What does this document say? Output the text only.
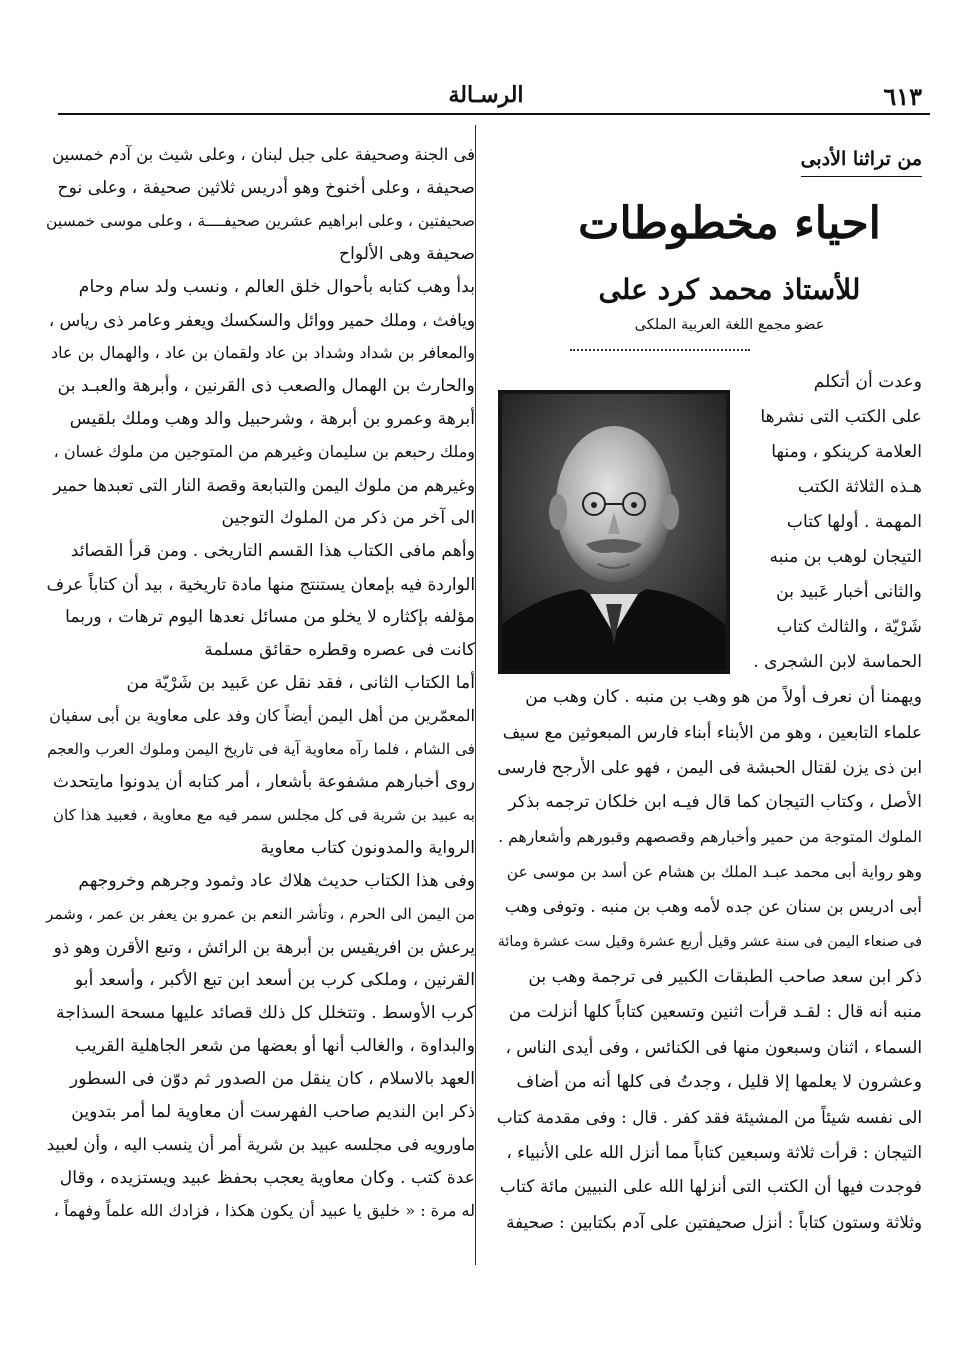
٦١٣
الرسـالة
من تراثنا الأدبى
احياء مخطوطات
للأستاذ محمد كرد على
عضو مجمع اللغة العربية الملكى
وعدت أن أتكلم
على الكتب التى نشرها
العلامة كرينكو ، ومنها
هـذه الثلاثة الكتب
المهمة . أولها كتاب
التيجان لوهب بن منبه
والثانى أخبار عَبيد بن
شَرْيّة ، والثالث كتاب
الحماسة لابن الشجرى .
ويهمنا أن نعرف أولاً من هو وهب بن منبه . كان وهب من
علماء التابعين ، وهو من الأبناء أبناء فارس المبعوثين مع سيف
ابن ذى يزن لقتال الحبشة فى اليمن ، فهو على الأرجح فارسى
الأصل ، وكتاب التيجان كما قال فيـه ابن خلكان ترجمه بذكر
الملوك المتوجة من حمير وأخبارهم وقصصهم وقبورهم وأشعارهم .
وهو رواية أبى محمد عبـد الملك بن هشام عن أسد بن موسى عن
أبى ادريس بن سنان عن جده لأمه وهب بن منبه . وتوفى وهب
فى صنعاء اليمن فى سنة عشر وقيل أربع عشرة وقيل ست عشرة ومائة
ذكر ابن سعد صاحب الطبقات الكبير فى ترجمة وهب بن
منبه أنه قال : لقـد قرأت اثنين وتسعين كتاباً كلها أنزلت من
السماء ، اثنان وسبعون منها فى الكنائس ، وفى أيدى الناس ،
وعشرون لا يعلمها إلا قليل ، وجدتُ فى كلها أنه من أضاف
الى نفسه شيئاً من المشيئة فقد كفر . قال : وفى مقدمة كتاب
التيجان : قرأت ثلاثة وسبعين كتاباً مما أنزل الله على الأنبياء ،
فوجدت فيها أن الكتب التى أنزلها الله على النبيين مائة كتاب
وثلاثة وستون كتاباً : أنزل صحيفتين على آدم بكتابين : صحيفة
فى الجنة وصحيفة على جبل لبنان ، وعلى شيث بن آدم خمسين
صحيفة ، وعلى أخنوخ وهو أدريس ثلاثين صحيفة ، وعلى نوح
صحيفتين ، وعلى ابراهيم عشرين صحيفــــة ، وعلى موسى خمسين
صحيفة وهى الألواح
بدأ وهب كتابه بأحوال خلق العالم ، ونسب ولد سام وحام
ويافث ، وملك حمير ووائل والسكسك ويعفر وعامر ذى رياس ،
والمعافر بن شداد وشداد بن عاد ولقمان بن عاد ، والهمال بن عاد
والحارث بن الهمال والصعب ذى القرنين ، وأبرهة والعبـد بن
أبرهة وعمرو بن أبرهة ، وشرحبيل والد وهب وملك بلقيس
وملك رحبعم بن سليمان وغيرهم من المتوجين من ملوك غسان ،
وغيرهم من ملوك اليمن والتبابعة وقصة النار التى تعبدها حمير
الى آخر من ذكر من الملوك التوجين
وأهم مافى الكتاب هذا القسم التاريخى . ومن قرأ القصائد
الواردة فيه بإمعان يستنتج منها مادة تاريخية ، بيد أن كتاباً عرف
مؤلفه بإكثاره لا يخلو من مسائل نعدها اليوم ترهات ، وربما
كانت فى عصره وقطره حقائق مسلمة
أما الكتاب الثانى ، فقد نقل عن عَبيد بن شَرْيّة من
المعمّرين من أهل اليمن أيضاً كان وفد على معاوية بن أبى سفيان
فى الشام ، فلما رآه معاوية آية فى تاريخ اليمن وملوك العرب والعجم
روى أخبارهم مشفوعة بأشعار ، أمر كتابه أن يدونوا مايتحدث
به عبيد بن شرية فى كل مجلس سمر فيه مع معاوية ، فعبيد هذا كان
الرواية والمدونون كتاب معاوية
وفى هذا الكتاب حديث هلاك عاد وثمود وجرهم وخروجهم
من اليمن الى الحرم ، وتأشر النعم بن عمرو بن يعفر بن عمر ، وشمر
يرعش بن افريقيس بن أبرهة بن الرائش ، وتبع الأقرن وهو ذو
القرنين ، وملكى كرب بن أسعد ابن تبع الأكبر ، وأسعد أبو
كرب الأوسط . وتتخلل كل ذلك قصائد عليها مسحة السذاجة
والبداوة ، والغالب أنها أو بعضها من شعر الجاهلية القريب
العهد بالاسلام ، كان ينقل من الصدور ثم دوّن فى السطور
ذكر ابن النديم صاحب الفهرست أن معاوية لما أمر بتدوين
ماورويه فى مجلسه عبيد بن شرية أمر أن ينسب اليه ، وأن لعبيد
عدة كتب . وكان معاوية يعجب بحفظ عبيد ويستزيده ، وقال
له مرة : « خليق يا عبيد أن يكون هكذا ، فزادك الله علماً وفهماً ،
